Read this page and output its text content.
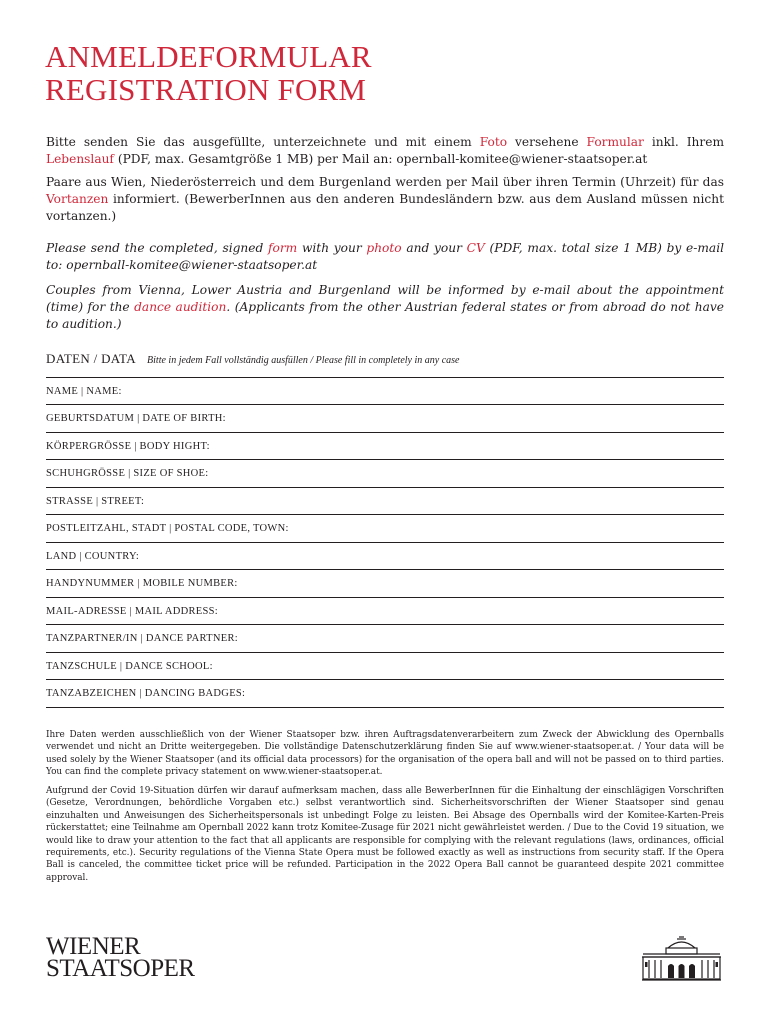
ANMELDEFORMULAR
REGISTRATION FORM

Bitte senden Sie das ausgefüllte, unterzeichnete und mit einem Foto versehene Formular inkl. Ihrem Lebenslauf (PDF, max. Gesamtgröße 1 MB) per Mail an: opernball-komitee@wiener-staatsoper.at

Paare aus Wien, Niederösterreich und dem Burgenland werden per Mail über ihren Termin (Uhrzeit) für das Vortanzen informiert. (BewerberInnen aus den anderen Bundesländern bzw. aus dem Ausland müssen nicht vortanzen.)

Please send the completed, signed form with your photo and your CV (PDF, max. total size 1 MB) by e-mail to: opernball-komitee@wiener-staatsoper.at

Couples from Vienna, Lower Austria and Burgenland will be informed by e-mail about the appointment (time) for the dance audition. (Applicants from the other Austrian federal states or from abroad do not have to audition.)

DATEN / DATA Bitte in jedem Fall vollständig ausfüllen / Please fill in completely in any case
NAME | NAME:
GEBURTSDATUM | DATE OF BIRTH:
KÖRPERGRÖSSE | BODY HIGHT:
SCHUHGRÖSSE | SIZE OF SHOE:
STRASSE | STREET:
POSTLEITZAHL, STADT | POSTAL CODE, TOWN:
LAND | COUNTRY:
HANDYNUMMER | MOBILE NUMBER:
MAIL-ADRESSE | MAIL ADDRESS:
TANZPARTNER/IN | DANCE PARTNER:
TANZSCHULE | DANCE SCHOOL:
TANZABZEICHEN | DANCING BADGES:

Ihre Daten werden ausschließlich von der Wiener Staatsoper bzw. ihren Auftragsdatenverarbeitern zum Zweck der Abwicklung des Opernballs verwendet und nicht an Dritte weitergegeben. Die vollständige Datenschutzerklärung finden Sie auf www.wiener-staatsoper.at. / Your data will be used solely by the Wiener Staatsoper (and its official data processors) for the organisation of the opera ball and will not be passed on to third parties. You can find the complete privacy statement on www.wiener-staatsoper.at.

Aufgrund der Covid 19-Situation dürfen wir darauf aufmerksam machen, dass alle BewerberInnen für die Einhaltung der einschlägigen Vorschriften (Gesetze, Verordnungen, behördliche Vorgaben etc.) selbst verantwortlich sind. Sicherheitsvorschriften der Wiener Staatsoper sind genau einzuhalten und Anweisungen des Sicherheitspersonals ist unbedingt Folge zu leisten. Bei Absage des Opernballs wird der Komitee-Karten-Preis rückerstattet; eine Teilnahme am Opernball 2022 kann trotz Komitee-Zusage für 2021 nicht gewährleistet werden. / Due to the Covid 19 situation, we would like to draw your attention to the fact that all applicants are responsible for complying with the relevant regulations (laws, ordinances, official requirements, etc.). Security regulations of the Vienna State Opera must be followed exactly as well as instructions from security staff. If the Opera Ball is canceled, the committee ticket price will be refunded. Participation in the 2022 Opera Ball cannot be guaranteed despite 2021 committee approval.

WIENER
STAATSOPER
